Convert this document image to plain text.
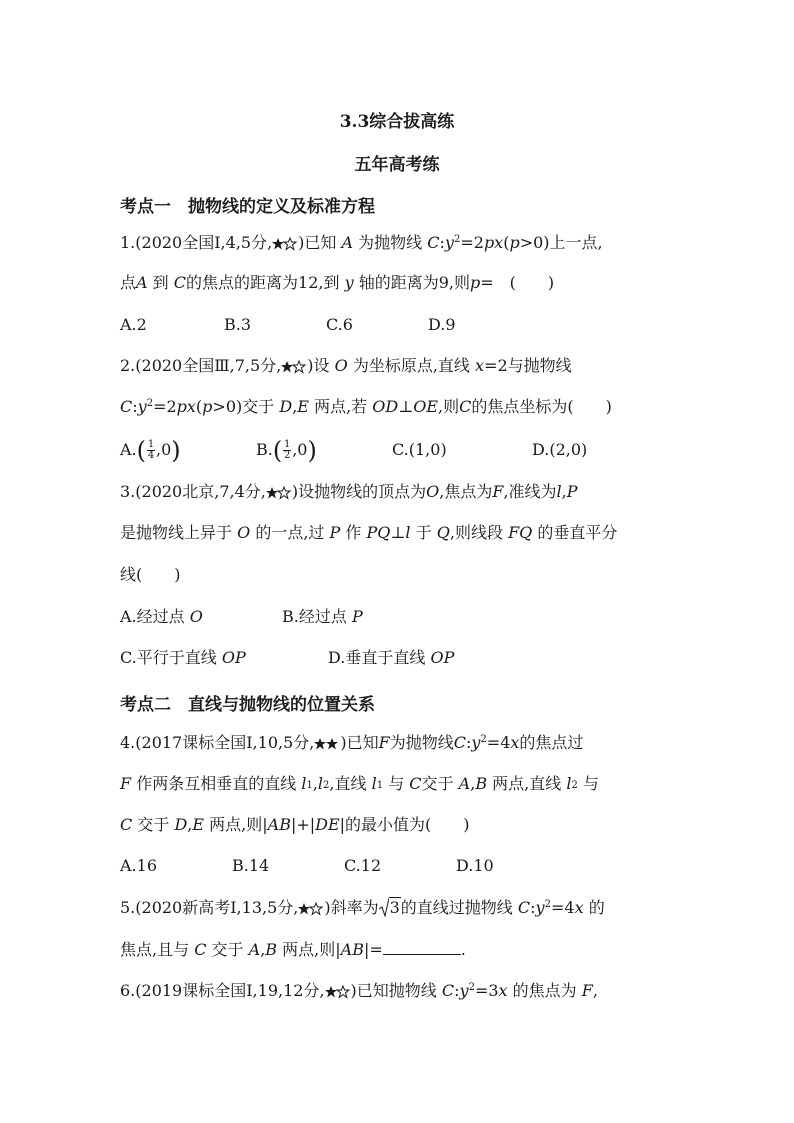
3.3综合拔高练
五年高考练
考点一　抛物线的定义及标准方程
1.(2020全国Ⅰ,4,5分, )已知 A 为抛物线 $C:y^2=2px(p>0)$上一点,
点A 到 C的焦点的距离为12,到 y 轴的距离为9,则p=　(　　)
A.2	B.3	C.6	D.9
2.(2020全国Ⅲ,7,5分, )设 O 为坐标原点,直线 x=2与抛物线
$C:y^2=2px(p>0)$交于 D,E 两点,若 OD⊥OE,则C的焦点坐标为(　　)
$A.( \frac{1}{4} ,0)$	$B.( \frac{1}{2} ,0)$	C.(1,0)	D.(2,0)
3.(2020北京,7,4分, )设抛物线的顶点为O,焦点为F,准线为l,P
是抛物线上异于 O 的一点,过 P 作 PQ⊥l 于 Q,则线段 FQ 的垂直平分
线(　　)
A.经过点 O	B.经过点 P
C.平行于直线 OP	D.垂直于直线 OP
考点二　直线与抛物线的位置关系
4.(2017课标全国Ⅰ,10,5分, )已知F为抛物线$C:y^2=4x$的焦点过
F 作两条互相垂直的直线 $l_1,l_2$,直线 $l_1$ 与 C交于 A,B 两点,直线 $l_2$ 与
C 交于 D,E 两点,则|AB|+|DE|的最小值为(　　)
A.16	B.14	C.12	D.10
5.(2020新高考Ⅰ,13,5分, )斜率为 3的直线过抛物线 $C:y^2=4x$ 的
焦点,且与 C 交于 A,B 两点,则|AB|=	.
6.(2019课标全国Ⅰ,19,12分, )已知抛物线 $C:y^2=3x$ 的焦点为 F,
